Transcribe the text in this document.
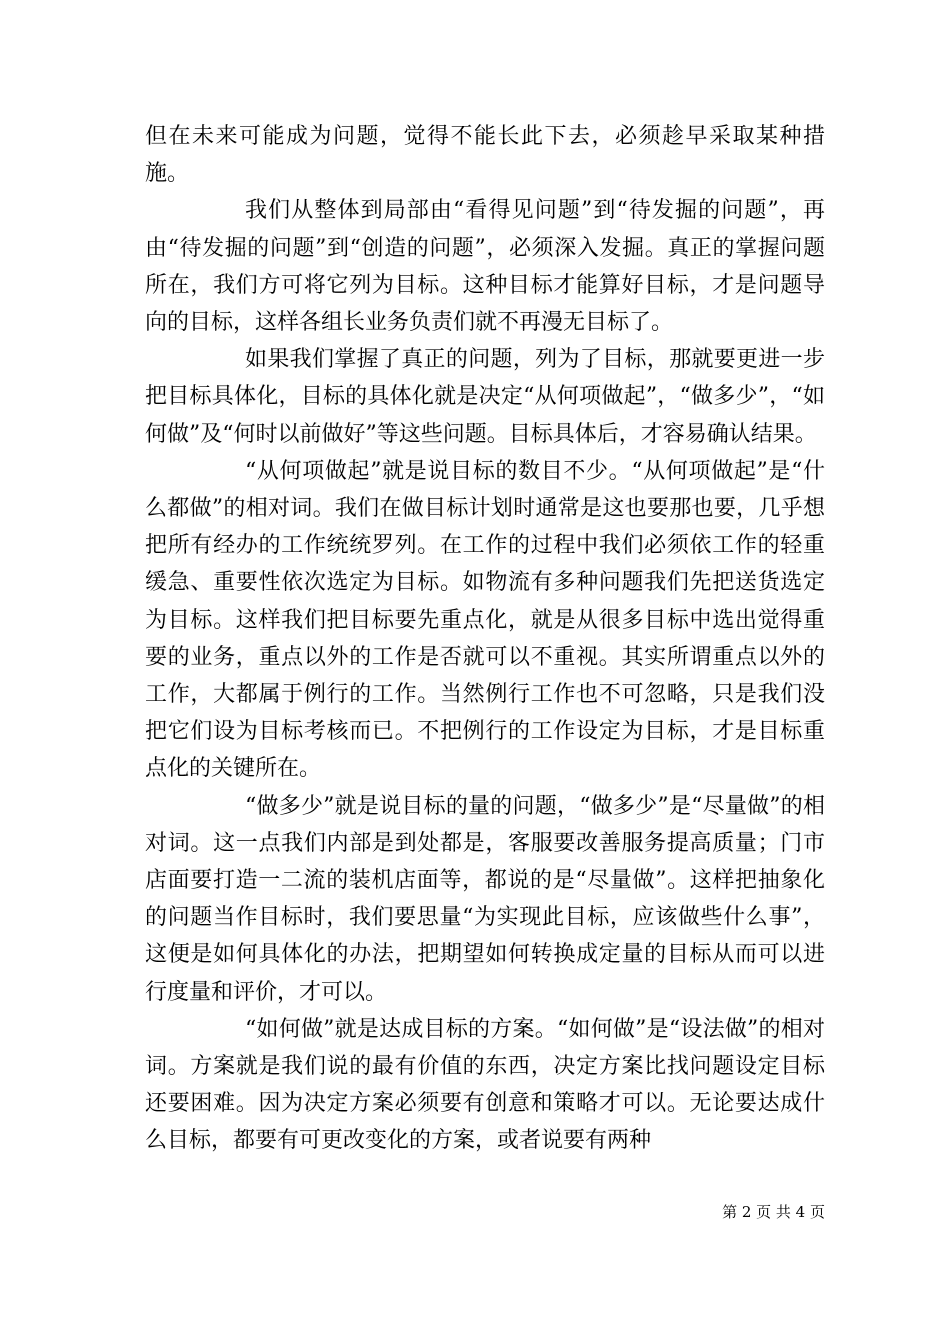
但在未来可能成为问题，觉得不能长此下去，必须趁早采取某种措施。

我们从整体到局部由“看得见问题”到“待发掘的问题”，再由“待发掘的问题”到“创造的问题”，必须深入发掘。真正的掌握问题所在，我们方可将它列为目标。这种目标才能算好目标，才是问题导向的目标，这样各组长业务负责们就不再漫无目标了。

如果我们掌握了真正的问题，列为了目标，那就要更进一步把目标具体化，目标的具体化就是决定“从何项做起”，“做多少”，“如何做”及“何时以前做好”等这些问题。目标具体后，才容易确认结果。

“从何项做起”就是说目标的数目不少。“从何项做起”是“什么都做”的相对词。我们在做目标计划时通常是这也要那也要，几乎想把所有经办的工作统统罗列。在工作的过程中我们必须依工作的轻重缓急、重要性依次选定为目标。如物流有多种问题我们先把送货选定为目标。这样我们把目标要先重点化，就是从很多目标中选出觉得重要的业务，重点以外的工作是否就可以不重视。其实所谓重点以外的工作，大都属于例行的工作。当然例行工作也不可忽略，只是我们没把它们设为目标考核而已。不把例行的工作设定为目标，才是目标重点化的关键所在。

“做多少”就是说目标的量的问题，“做多少”是“尽量做”的相对词。这一点我们内部是到处都是，客服要改善服务提高质量；门市店面要打造一二流的装机店面等，都说的是“尽量做”。这样把抽象化的问题当作目标时，我们要思量“为实现此目标，应该做些什么事”，这便是如何具体化的办法，把期望如何转换成定量的目标从而可以进行度量和评价，才可以。

“如何做”就是达成目标的方案。“如何做”是“设法做”的相对词。方案就是我们说的最有价值的东西，决定方案比找问题设定目标还要困难。因为决定方案必须要有创意和策略才可以。无论要达成什么目标，都要有可更改变化的方案，或者说要有两种

第 2 页 共 4 页
